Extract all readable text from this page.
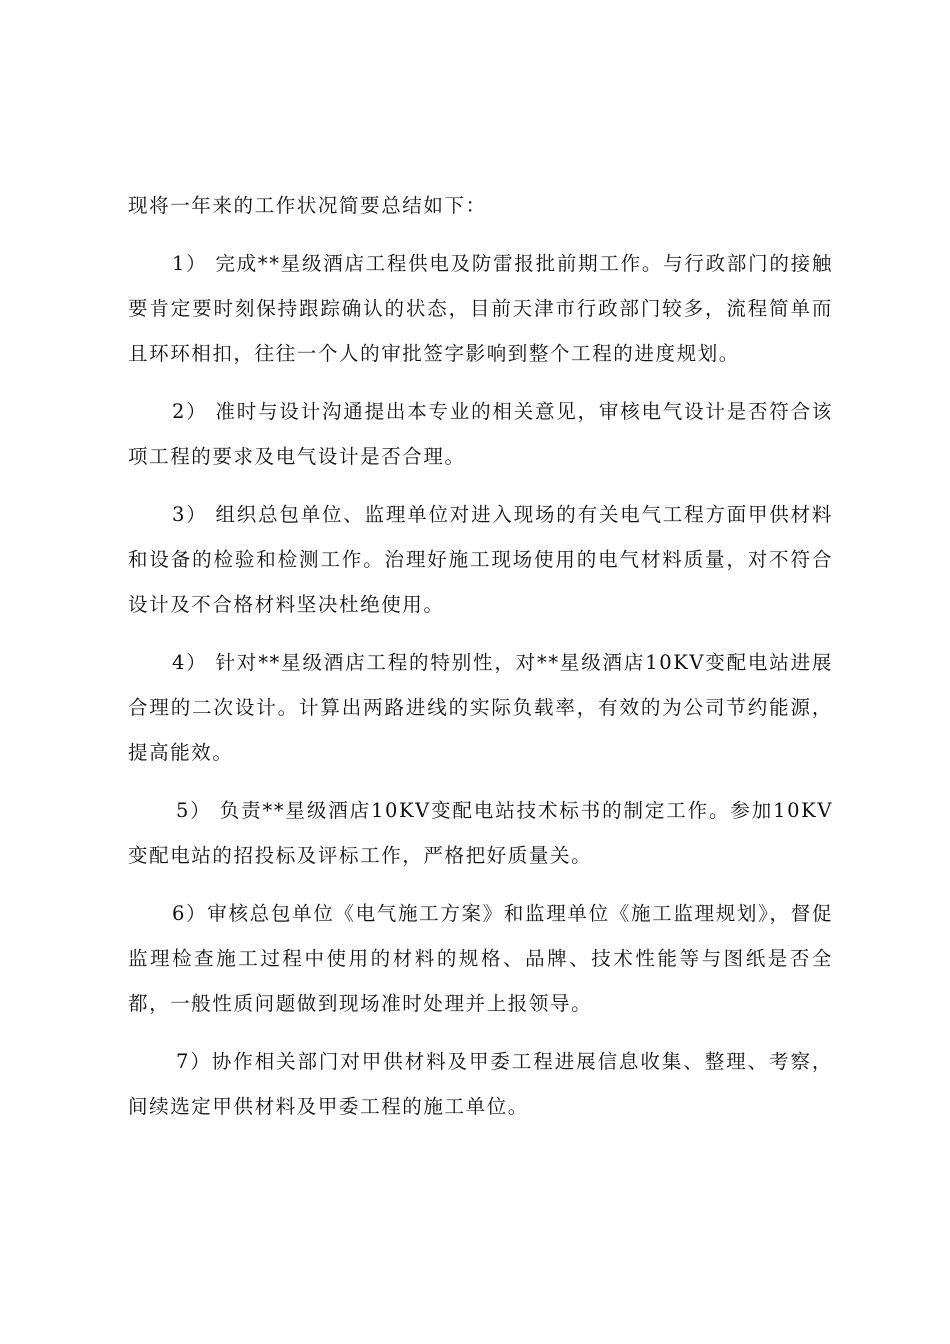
现将一年来的工作状况简要总结如下：

1） 完成**星级酒店工程供电及防雷报批前期工作。与行政部门的接触要肯定要时刻保持跟踪确认的状态，目前天津市行政部门较多，流程简单而且环环相扣，往往一个人的审批签字影响到整个工程的进度规划。

2） 准时与设计沟通提出本专业的相关意见，审核电气设计是否符合该项工程的要求及电气设计是否合理。

3） 组织总包单位、监理单位对进入现场的有关电气工程方面甲供材料和设备的检验和检测工作。治理好施工现场使用的电气材料质量，对不符合设计及不合格材料坚决杜绝使用。

4） 针对**星级酒店工程的特别性，对**星级酒店10KV变配电站进展合理的二次设计。计算出两路进线的实际负载率，有效的为公司节约能源，提高能效。

5） 负责**星级酒店10KV变配电站技术标书的制定工作。参加10KV变配电站的招投标及评标工作，严格把好质量关。

6）审核总包单位《电气施工方案》和监理单位《施工监理规划》，督促监理检查施工过程中使用的材料的规格、品牌、技术性能等与图纸是否全都，一般性质问题做到现场准时处理并上报领导。

7）协作相关部门对甲供材料及甲委工程进展信息收集、整理、考察，间续选定甲供材料及甲委工程的施工单位。
